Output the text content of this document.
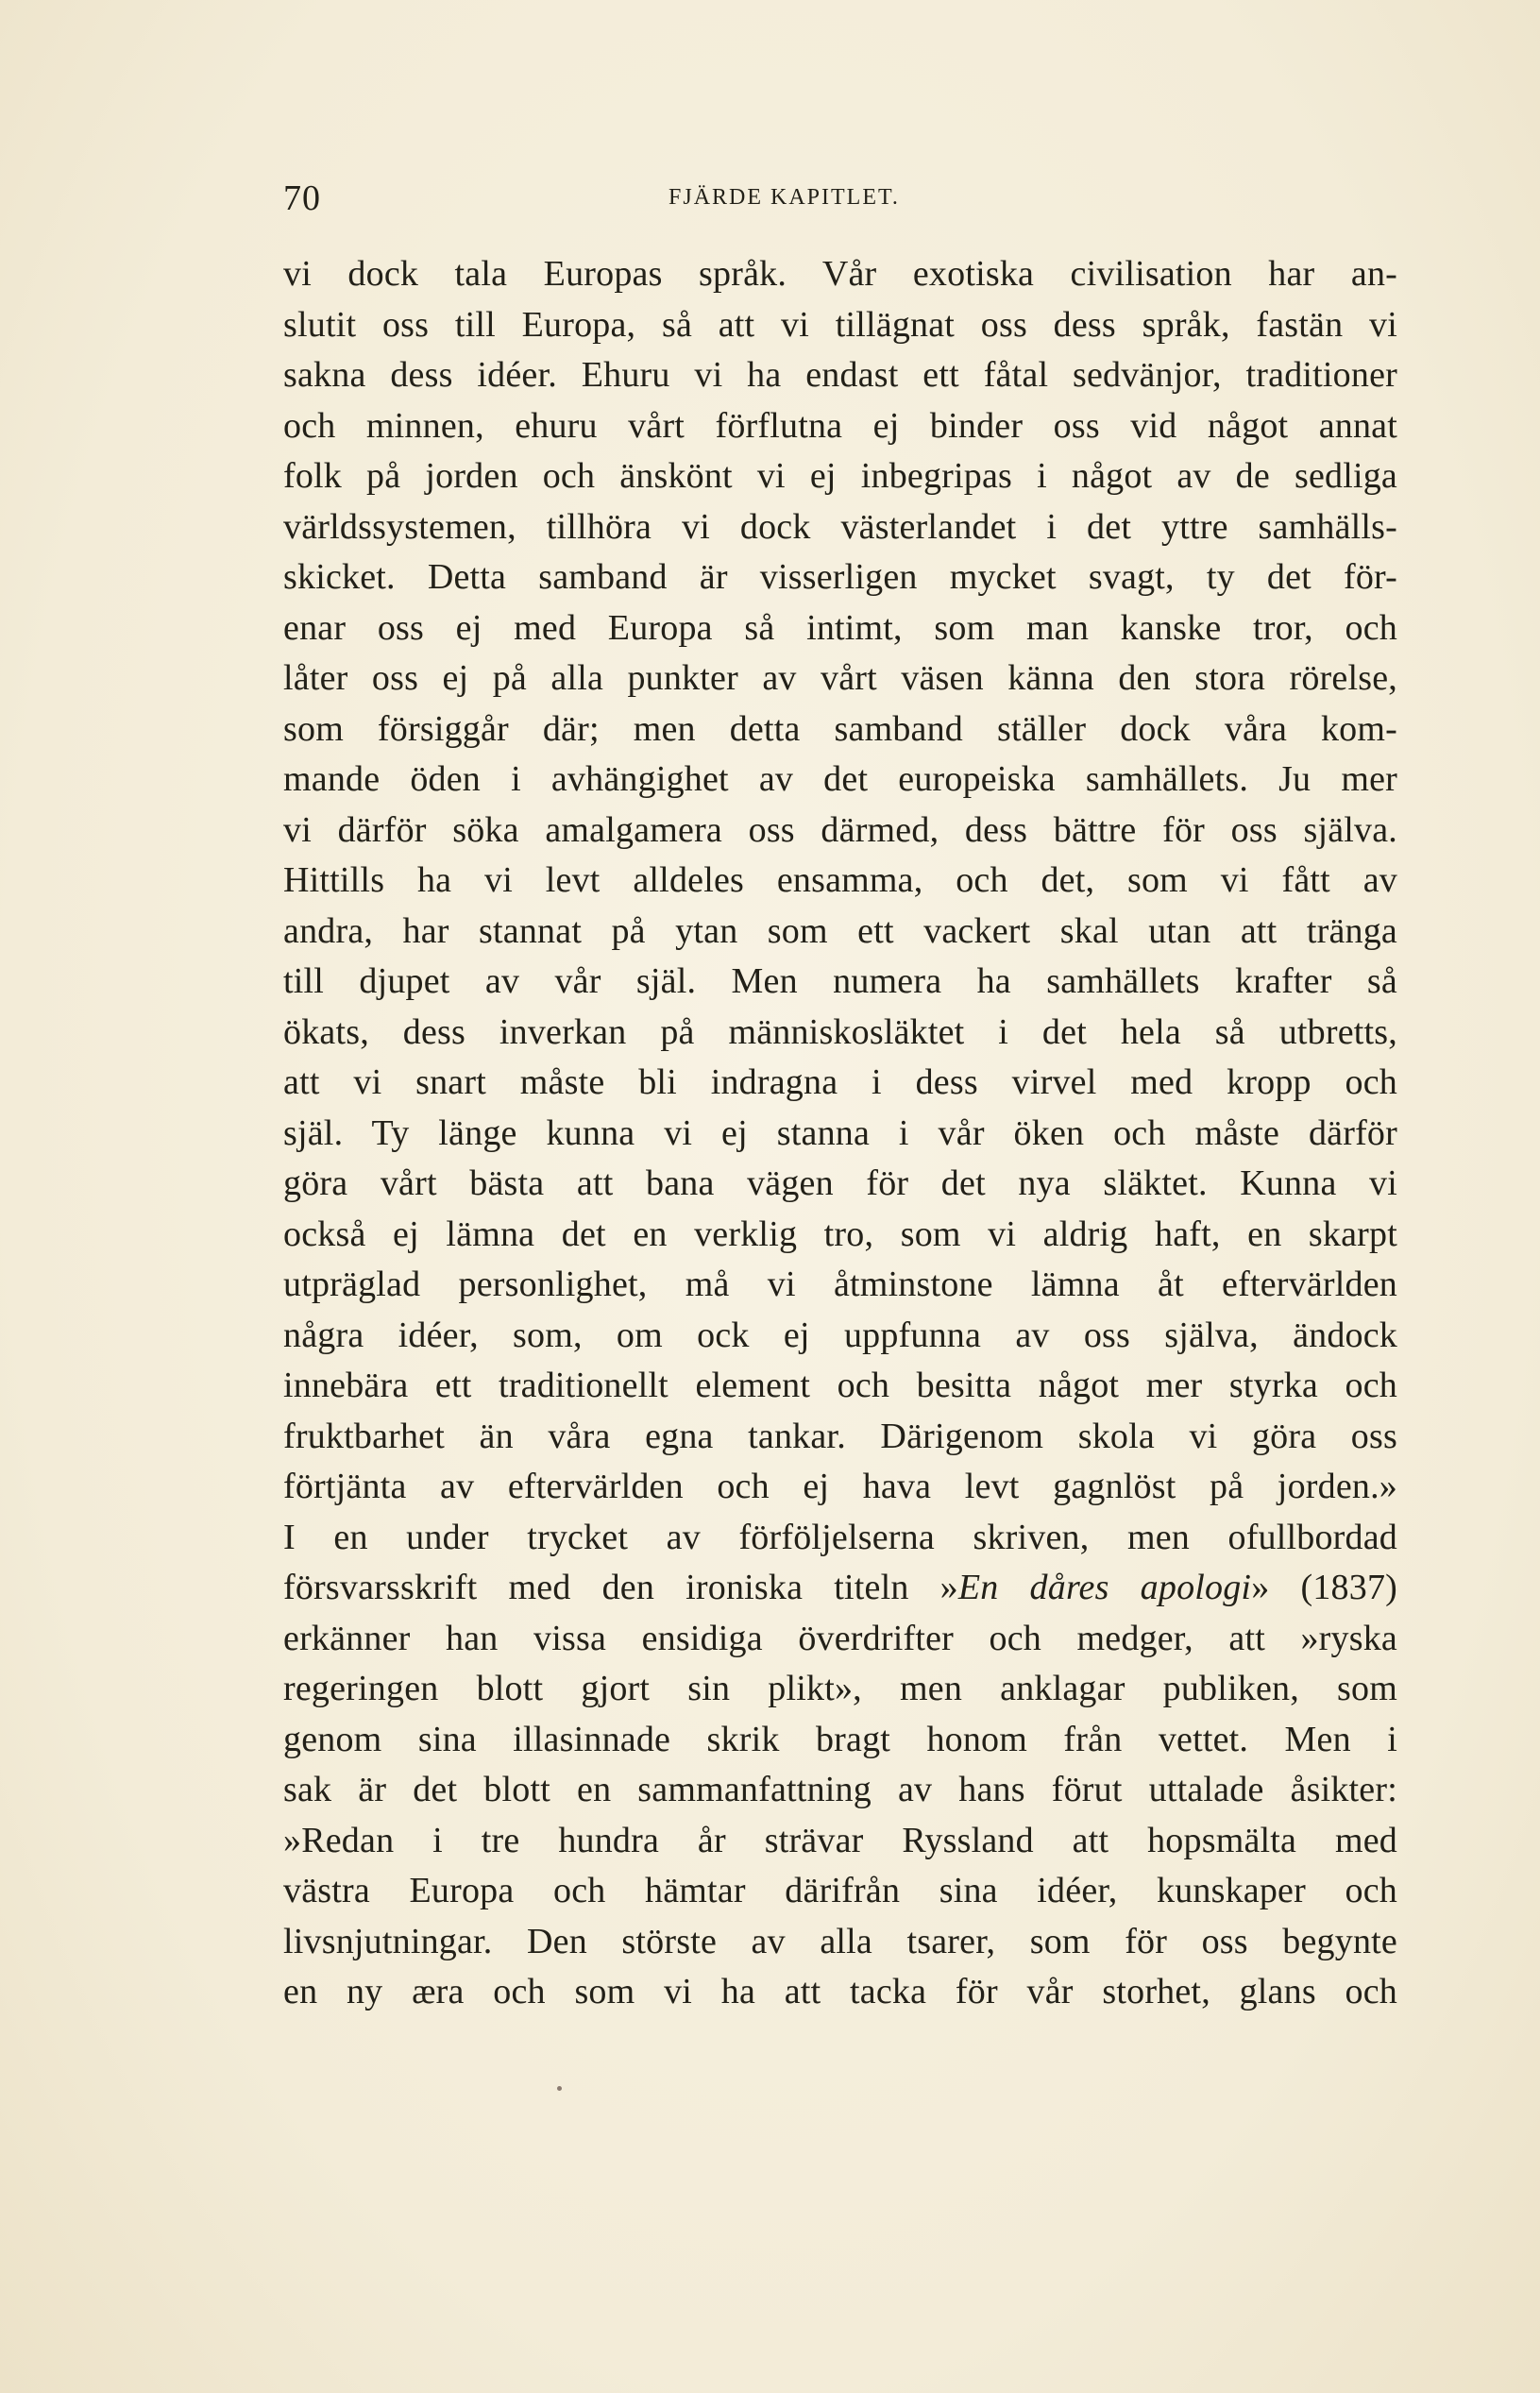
70	FJÄRDE KAPITLET.
vi dock tala Europas språk. Vår exotiska civilisation har an-
slutit oss till Europa, så att vi tillägnat oss dess språk, fastän vi
sakna dess idéer. Ehuru vi ha endast ett fåtal sedvänjor, traditioner
och minnen, ehuru vårt förflutna ej binder oss vid något annat
folk på jorden och änskönt vi ej inbegripas i något av de sedliga
världssystemen, tillhöra vi dock västerlandet i det yttre samhälls-
skicket. Detta samband är visserligen mycket svagt, ty det för-
enar oss ej med Europa så intimt, som man kanske tror, och
låter oss ej på alla punkter av vårt väsen känna den stora rörelse,
som försiggår där; men detta samband ställer dock våra kom-
mande öden i avhängighet av det europeiska samhällets. Ju mer
vi därför söka amalgamera oss därmed, dess bättre för oss själva.
Hittills ha vi levt alldeles ensamma, och det, som vi fått av
andra, har stannat på ytan som ett vackert skal utan att tränga
till djupet av vår själ. Men numera ha samhällets krafter så
ökats, dess inverkan på människosläktet i det hela så utbretts,
att vi snart måste bli indragna i dess virvel med kropp och
själ. Ty länge kunna vi ej stanna i vår öken och måste därför
göra vårt bästa att bana vägen för det nya släktet. Kunna vi
också ej lämna det en verklig tro, som vi aldrig haft, en skarpt
utpräglad personlighet, må vi åtminstone lämna åt eftervärlden
några idéer, som, om ock ej uppfunna av oss själva, ändock
innebära ett traditionellt element och besitta något mer styrka och
fruktbarhet än våra egna tankar. Därigenom skola vi göra oss
förtjänta av eftervärlden och ej hava levt gagnlöst på jorden.»
I en under trycket av förföljelserna skriven, men ofullbordad
försvarsskrift med den ironiska titeln »En dåres apologi» (1837)
erkänner han vissa ensidiga överdrifter och medger, att »ryska
regeringen blott gjort sin plikt», men anklagar publiken, som
genom sina illasinnade skrik bragt honom från vettet. Men i
sak är det blott en sammanfattning av hans förut uttalade åsikter:
»Redan i tre hundra år strävar Ryssland att hopsmälta med
västra Europa och hämtar därifrån sina idéer, kunskaper och
livsnjutningar. Den störste av alla tsarer, som för oss begynte
en ny æra och som vi ha att tacka för vår storhet, glans och
